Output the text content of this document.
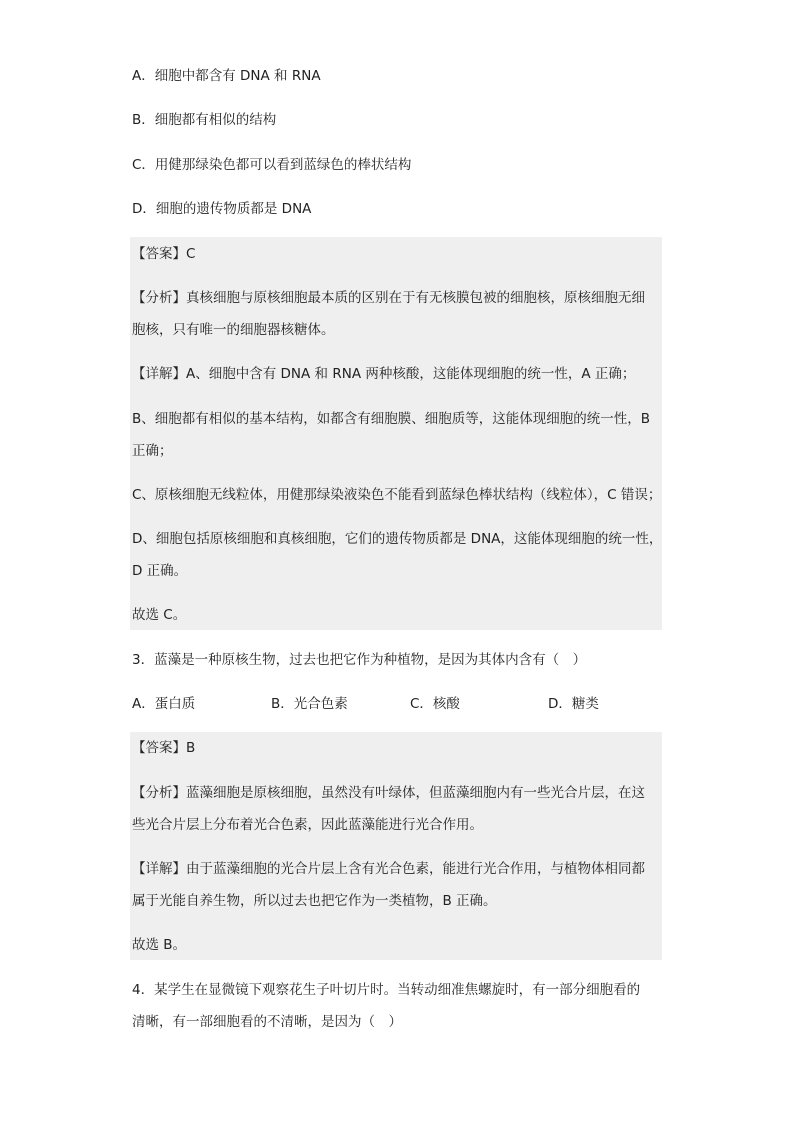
A．细胞中都含有 DNA 和 RNA
B．细胞都有相似的结构
C．用健那绿染色都可以看到蓝绿色的棒状结构
D．细胞的遗传物质都是 DNA
【答案】C
【分析】真核细胞与原核细胞最本质的区别在于有无核膜包被的细胞核，原核细胞无细
胞核，只有唯一的细胞器核糖体。
【详解】A、细胞中含有 DNA 和 RNA 两种核酸，这能体现细胞的统一性，A 正确；
B、细胞都有相似的基本结构，如都含有细胞膜、细胞质等，这能体现细胞的统一性，B
正确；
C、原核细胞无线粒体，用健那绿染液染色不能看到蓝绿色棒状结构（线粒体），C 错误；
D、细胞包括原核细胞和真核细胞，它们的遗传物质都是 DNA，这能体现细胞的统一性，
D 正确。
故选 C。
3．蓝藻是一种原核生物，过去也把它作为种植物，是因为其体内含有（　）
A．蛋白质	B．光合色素	C．核酸	D．糖类
【答案】B
【分析】蓝藻细胞是原核细胞，虽然没有叶绿体，但蓝藻细胞内有一些光合片层，在这
些光合片层上分布着光合色素，因此蓝藻能进行光合作用。
【详解】由于蓝藻细胞的光合片层上含有光合色素，能进行光合作用，与植物体相同都
属于光能自养生物，所以过去也把它作为一类植物，B 正确。
故选 B。
4．某学生在显微镜下观察花生子叶切片时。当转动细准焦螺旋时，有一部分细胞看的
清晰，有一部细胞看的不清晰，是因为（　）
